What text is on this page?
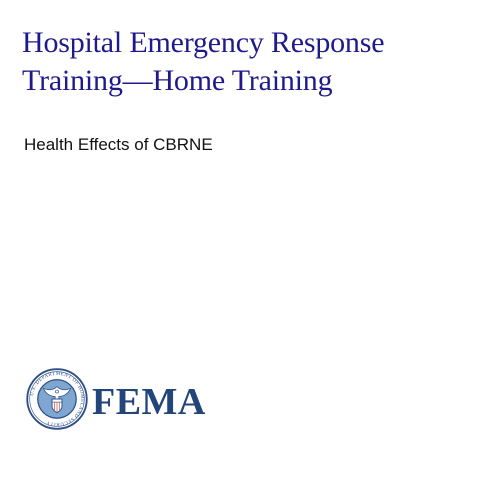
Hospital Emergency Response
Training—Home Training

Health Effects of CBRNE

U.S. DEPARTMENT OF HOMELAND SECURITY	FEMA
